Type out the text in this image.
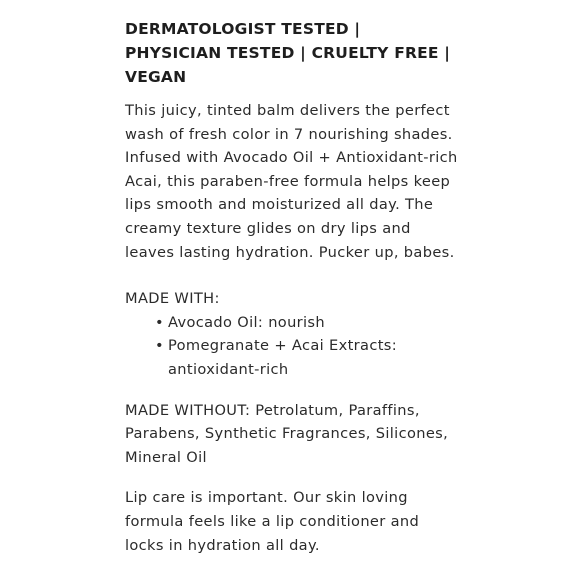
DERMATOLOGIST TESTED | PHYSICIAN TESTED | CRUELTY FREE | VEGAN

This juicy, tinted balm delivers the perfect wash of fresh color in 7 nourishing shades. Infused with Avocado Oil + Antioxidant-rich Acai, this paraben-free formula helps keep lips smooth and moisturized all day. The creamy texture glides on dry lips and leaves lasting hydration. Pucker up, babes.

MADE WITH:

• Avocado Oil: nourish
• Pomegranate + Acai Extracts: antioxidant-rich

MADE WITHOUT: Petrolatum, Paraffins, Parabens, Synthetic Fragrances, Silicones, Mineral Oil

Lip care is important. Our skin loving formula feels like a lip conditioner and locks in hydration all day.
